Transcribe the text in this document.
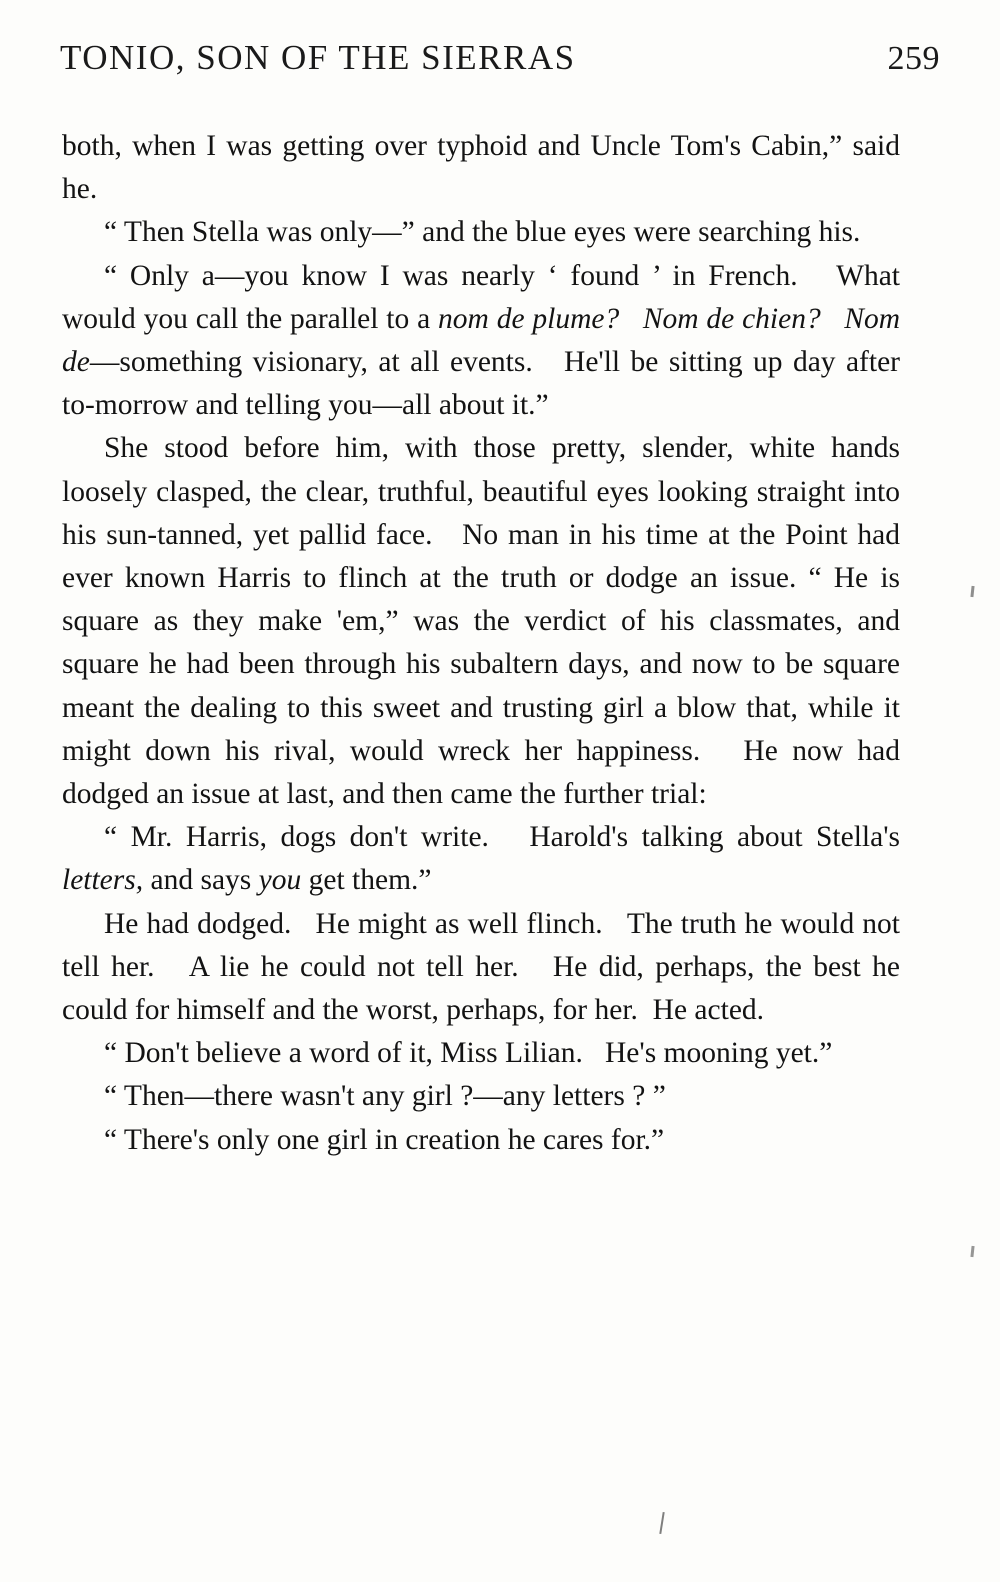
TONIO, SON OF THE SIERRAS	259

both, when I was getting over typhoid and Uncle Tom's Cabin,” said he.

“ Then Stella was only—” and the blue eyes were searching his.

“ Only a—you know I was nearly ‘ found ’ in French.   What would you call the parallel to a nom de plume? Nom de chien? Nom de—something visionary, at all events.   He'll be sitting up day after to-morrow and telling you—all about it.”

She stood before him, with those pretty, slender, white hands loosely clasped, the clear, truthful, beautiful eyes looking straight into his sun-tanned, yet pallid face.   No man in his time at the Point had ever known Harris to flinch at the truth or dodge an issue. “ He is square as they make 'em,” was the verdict of his classmates, and square he had been through his subaltern days, and now to be square meant the dealing to this sweet and trusting girl a blow that, while it might down his rival, would wreck her happiness.   He now had dodged an issue at last, and then came the further trial:

“ Mr. Harris, dogs don't write.   Harold's talking about Stella's letters, and says you get them.”

He had dodged.   He might as well flinch.   The truth he would not tell her.   A lie he could not tell her.   He did, perhaps, the best he could for himself and the worst, perhaps, for her.  He acted.

“ Don't believe a word of it, Miss Lilian.   He's mooning yet.”

“ Then—there wasn't any girl ?—any letters ? ”

“ There's only one girl in creation he cares for.”
